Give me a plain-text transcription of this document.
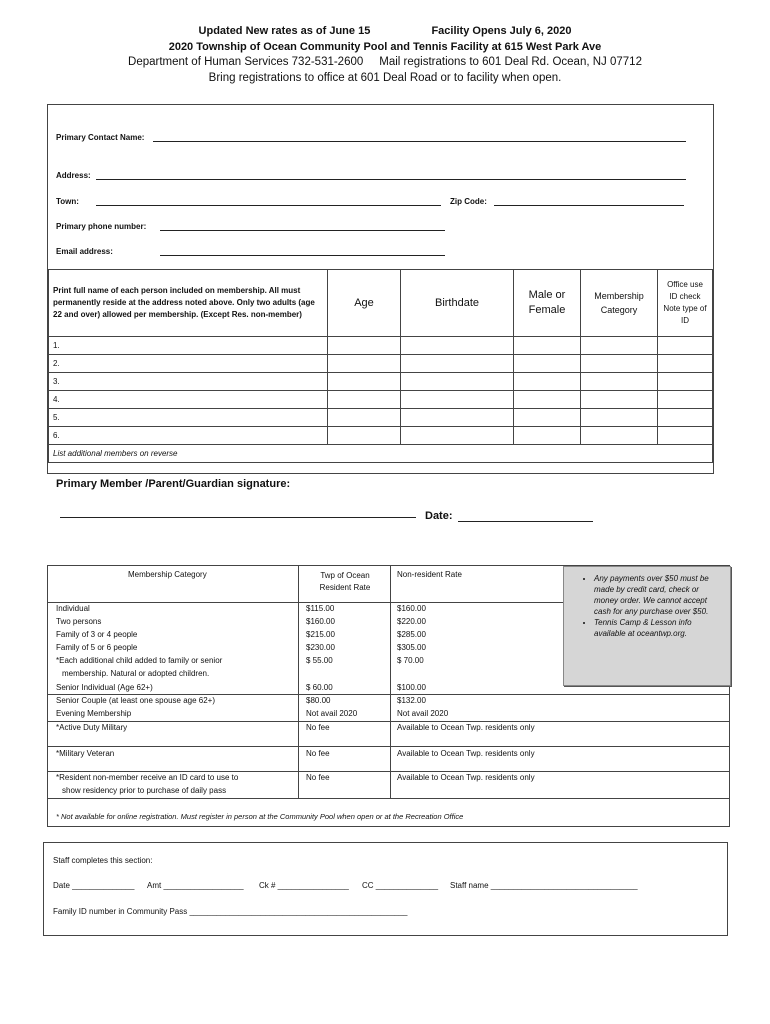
Updated New rates as of June 15	Facility Opens July 6, 2020
2020 Township of Ocean Community Pool and Tennis Facility at 615 West Park Ave
Department of Human Services 732-531-2600     Mail registrations to 601 Deal Rd. Ocean, NJ 07712
Bring registrations to office at 601 Deal Road or to facility when open.
Primary Contact Name:
Address:
Town:	Zip Code:
Primary phone number:
Email address:
Print full name of each person included on membership. All must permanently reside at the address noted above. Only two adults (age 22 and over) allowed per membership. (Except Res. non-member)	Age	Birthdate	Male or Female	Membership Category	Office use ID check Note type of ID
1.					
2.					
3.					
4.					
5.					
6.					
List additional members on reverse					
Primary Member /Parent/Guardian signature:
Date:
Membership Category	Twp of Ocean Resident Rate
Non-resident Rate
Individual	$115.00	$160.00
Two persons	$160.00	$220.00
Family of 3 or 4 people	$215.00	$285.00
Family of 5 or 6 people	$230.00	$305.00
*Each additional child added to family or senior	$ 55.00	$ 70.00
membership. Natural or adopted children.
Senior Individual (Age 62+)	$ 60.00	$100.00
Senior Couple (at least one spouse age 62+)	$80.00	$132.00
Evening Membership	Not avail 2020	Not avail 2020
*Active Duty Military	No fee	Available to Ocean Twp. residents only
*Military Veteran	No fee	Available to Ocean Twp. residents only
*Resident non-member receive an ID card to use to	No fee	Available to Ocean Twp. residents only
show residency prior to purchase of daily pass
* Not available for online registration. Must register in person at the Community Pool when open or at the Recreation Office
• Any payments over $50 must be made by credit card, check or money order. We cannot accept cash for any purchase over $50.
• Tennis Camp & Lesson info available at oceantwp.org.
Staff completes this section:
Date ______________ Amt __________________ Ck # ________________ CC ______________ Staff name _________________________________
Family ID number in Community Pass _________________________________________________
